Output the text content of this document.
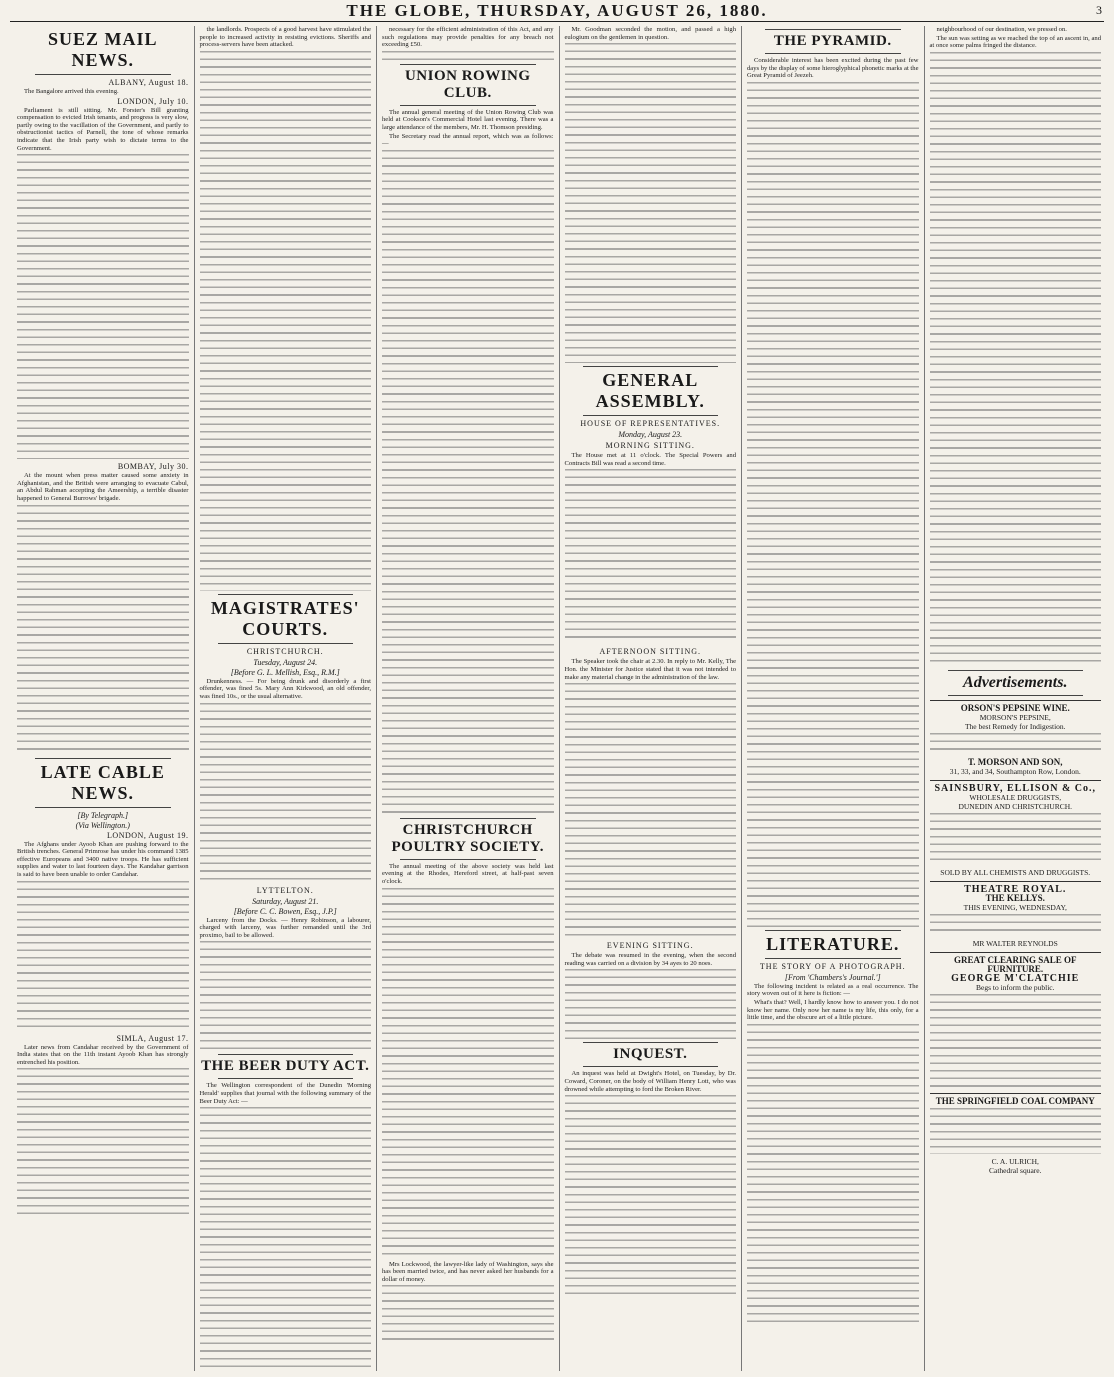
THE GLOBE, THURSDAY, AUGUST 26, 1880.	3
SUEZ MAIL NEWS.
ALBANY, August 18.

The Bangalore arrived this evening.

LONDON, July 10.

Parliament is still sitting. Mr. Forster's Bill granting compensation to evicted Irish tenants, and progress is very slow, partly owing to the vacillation of the Government, and partly to obstructionist tactics of Parnell, the tone of whose remarks indicate that the Irish party wish to dictate terms to the Government.

BOMBAY, July 30.

At the mount when press matter caused some anxiety in Afghanistan, and the British were arranging to evacuate Cabul, an Abdul Rahman accepting the Ameership, a terrible disaster happened to General Burrows' brigade.

LATE CABLE NEWS.
[By Telegraph.]
(Via Wellington.)
LONDON, August 19.

The Afghans under Ayoob Khan are pushing forward to the British trenches. General Primrose has under his command 1385 effective Europeans and 3400 native troops. He has sufficient supplies and water to last fourteen days. The Kandahar garrison is said to have been unable to order Candahar.

SIMLA, August 17.

Later news from Candahar received by the Government of India states that on the 11th instant Ayoob Khan has strongly entrenched his position.

the landlords. Prospects of a good harvest have stimulated the people to increased activity in resisting evictions. Sheriffs and process-servers have been attacked.

MAGISTRATES' COURTS.
CHRISTCHURCH.
Tuesday, August 24.
[Before G. L. Mellish, Esq., R.M.]

Drunkenness. — For being drunk and disorderly a first offender, was fined 5s. Mary Ann Kirkwood, an old offender, was fined 10s., or the usual alternative.

LYTTELTON.
Saturday, August 21.
[Before C. C. Bowen, Esq., J.P.]

Larceny from the Docks. — Henry Robinson, a labourer, charged with larceny, was further remanded until the 3rd proximo, bail to be allowed.

THE BEER DUTY ACT.

The Wellington correspondent of the Dunedin 'Morning Herald' supplies that journal with the following summary of the Beer Duty Act: —

necessary for the efficient administration of this Act, and any such regulations may provide penalties for any breach not exceeding £50.

UNION ROWING CLUB.

The annual general meeting of the Union Rowing Club was held at Cookson's Commercial Hotel last evening. There was a large attendance of the members, Mr. H. Thomson presiding.

The Secretary read the annual report, which was as follows: —

CHRISTCHURCH POULTRY SOCIETY.

The annual meeting of the above society was held last evening at the Rhodes, Hereford street, at half-past seven o'clock.

Mrs Lockwood, the lawyer-like lady of Washington, says she has been married twice, and has never asked her husbands for a dollar of money.

Mr. Goodman seconded the motion, and passed a high eulogium on the gentlemen in question.

GENERAL ASSEMBLY.
HOUSE OF REPRESENTATIVES.
Monday, August 23.
MORNING SITTING.

The House met at 11 o'clock. The Special Powers and Contracts Bill was read a second time.

AFTERNOON SITTING.

The Speaker took the chair at 2.30. In reply to Mr. Kelly, The Hon. the Minister for Justice stated that it was not intended to make any material change in the administration of the law.

EVENING SITTING.

The debate was resumed in the evening, when the second reading was carried on a division by 34 ayes to 20 noes.

INQUEST.

An inquest was held at Dwight's Hotel, on Tuesday, by Dr. Coward, Coroner, on the body of William Henry Lott, who was drowned while attempting to ford the Broken River.

THE PYRAMID.

Considerable interest has been excited during the past few days by the display of some hieroglyphical phonetic marks at the Great Pyramid of Jeezeh.

LITERATURE.
THE STORY OF A PHOTOGRAPH.
[From 'Chambers's Journal.']

The following incident is related as a real occurrence. The story woven out of it here is fiction: —

What's that? Well, I hardly know how to answer you. I do not know her name. Only now her name is my life, this only, for a little time, and the obscure art of a little picture.

neighbourhood of our destination, we pressed on.

The sun was setting as we reached the top of an ascent in, and at once some palms fringed the distance.

Advertisements.
ORSON'S PEPSINE WINE.
MORSON'S PEPSINE,
The best Remedy for Indigestion.
T. MORSON AND SON,
31, 33, and 34, Southampton Row, London.
SAINSBURY, ELLISON & Co.,
WHOLESALE DRUGGISTS,
DUNEDIN AND CHRISTCHURCH.
SOLD BY ALL CHEMISTS AND DRUGGISTS.
THEATRE ROYAL.
THE KELLYS.
THIS EVENING, WEDNESDAY,
MR WALTER REYNOLDS
GREAT CLEARING SALE OF FURNITURE.
GEORGE M'CLATCHIE
Begs to inform the public.
THE SPRINGFIELD COAL COMPANY
C. A. ULRICH,
Cathedral square.
